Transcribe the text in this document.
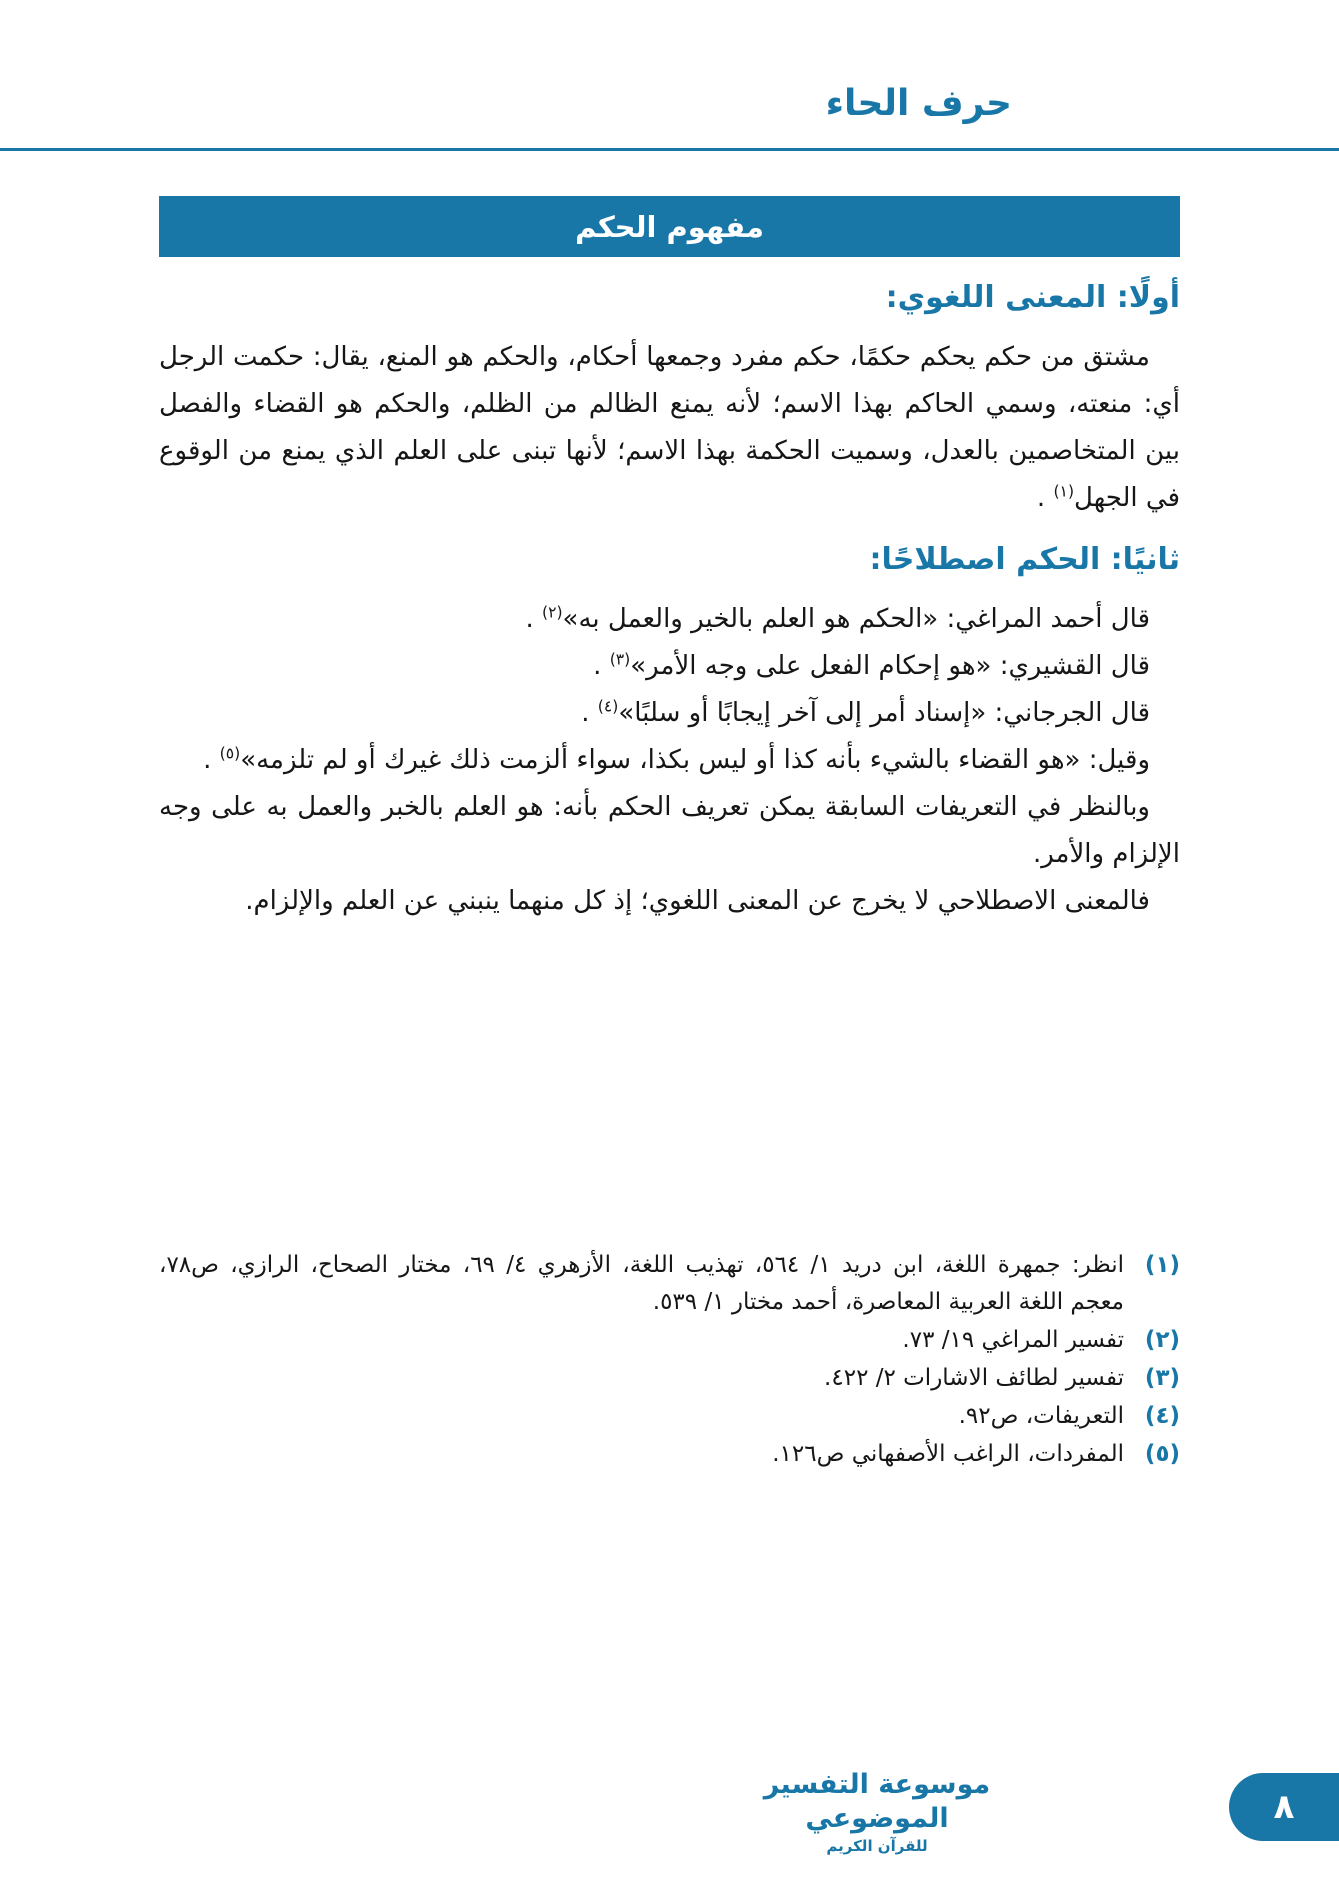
حرف الحاء
مفهوم الحكم
أولًا: المعنى اللغوي:

مشتق من حكم يحكم حكمًا، حكم مفرد وجمعها أحكام، والحكم هو المنع، يقال: حكمت الرجل أي: منعته، وسمي الحاكم بهذا الاسم؛ لأنه يمنع الظالم من الظلم، والحكم هو القضاء والفصل بين المتخاصمين بالعدل، وسميت الحكمة بهذا الاسم؛ لأنها تبنى على العلم الذي يمنع من الوقوع في الجهل$^{(١)}$ .

ثانيًا: الحكم اصطلاحًا:

قال أحمد المراغي: «الحكم هو العلم بالخير والعمل به»$^{(٢)}$ .

قال القشيري: «هو إحكام الفعل على وجه الأمر»$^{(٣)}$ .

قال الجرجاني: «إسناد أمر إلى آخر إيجابًا أو سلبًا»$^{(٤)}$ .

وقيل: «هو القضاء بالشيء بأنه كذا أو ليس بكذا، سواء ألزمت ذلك غيرك أو لم تلزمه»$^{(٥)}$ .

وبالنظر في التعريفات السابقة يمكن تعريف الحكم بأنه: هو العلم بالخبر والعمل به على وجه الإلزام والأمر.

فالمعنى الاصطلاحي لا يخرج عن المعنى اللغوي؛ إذ كل منهما ينبني عن العلم والإلزام.

(١)
انظر: جمهرة اللغة، ابن دريد ١/ ٥٦٤، تهذيب اللغة، الأزهري ٤/ ٦٩، مختار الصحاح، الرازي، ص٧٨، معجم اللغة العربية المعاصرة، أحمد مختار ١/ ٥٣٩.
(٢)
تفسير المراغي ١٩/ ٧٣.
(٣)
تفسير لطائف الاشارات ٢/ ٤٢٢.
(٤)
التعريفات، ص٩٢.
(٥)
المفردات، الراغب الأصفهاني ص١٢٦.
موسوعة التفسير الموضوعي
للقرآن الكريم
٨
